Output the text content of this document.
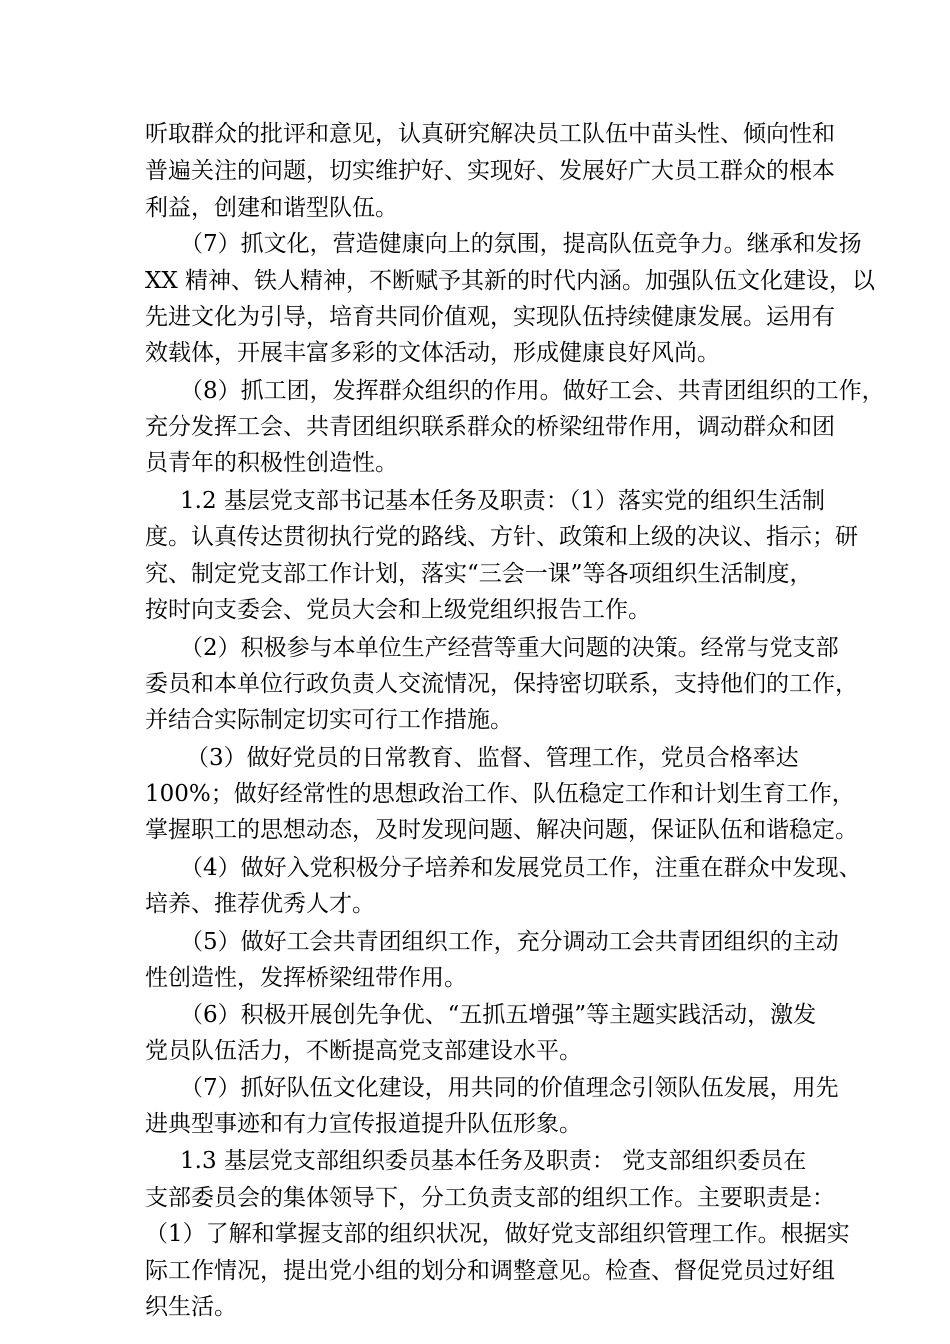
听取群众的批评和意见，认真研究解决员工队伍中苗头性、倾向性和
普遍关注的问题，切实维护好、实现好、发展好广大员工群众的根本
利益，创建和谐型队伍。
（7）抓文化，营造健康向上的氛围，提高队伍竞争力。继承和发扬
XX 精神、铁人精神，不断赋予其新的时代内涵。加强队伍文化建设，以
先进文化为引导，培育共同价值观，实现队伍持续健康发展。运用有
效载体，开展丰富多彩的文体活动，形成健康良好风尚。
（8）抓工团，发挥群众组织的作用。做好工会、共青团组织的工作，
充分发挥工会、共青团组织联系群众的桥梁纽带作用，调动群众和团
员青年的积极性创造性。
1.2 基层党支部书记基本任务及职责：（1）落实党的组织生活制
度。认真传达贯彻执行党的路线、方针、政策和上级的决议、指示；研
究、制定党支部工作计划，落实“三会一课”等各项组织生活制度，
按时向支委会、党员大会和上级党组织报告工作。
（2）积极参与本单位生产经营等重大问题的决策。经常与党支部
委员和本单位行政负责人交流情况，保持密切联系，支持他们的工作，
并结合实际制定切实可行工作措施。
（3）做好党员的日常教育、监督、管理工作，党员合格率达
100%；做好经常性的思想政治工作、队伍稳定工作和计划生育工作，
掌握职工的思想动态，及时发现问题、解决问题，保证队伍和谐稳定。
（4）做好入党积极分子培养和发展党员工作，注重在群众中发现、
培养、推荐优秀人才。
（5）做好工会共青团组织工作，充分调动工会共青团组织的主动
性创造性，发挥桥梁纽带作用。
（6）积极开展创先争优、“五抓五增强”等主题实践活动，激发
党员队伍活力，不断提高党支部建设水平。
（7）抓好队伍文化建设，用共同的价值理念引领队伍发展，用先
进典型事迹和有力宣传报道提升队伍形象。
1.3 基层党支部组织委员基本任务及职责： 党支部组织委员在
支部委员会的集体领导下，分工负责支部的组织工作。主要职责是：
（1）了解和掌握支部的组织状况，做好党支部组织管理工作。根据实
际工作情况，提出党小组的划分和调整意见。检查、督促党员过好组
织生活。
